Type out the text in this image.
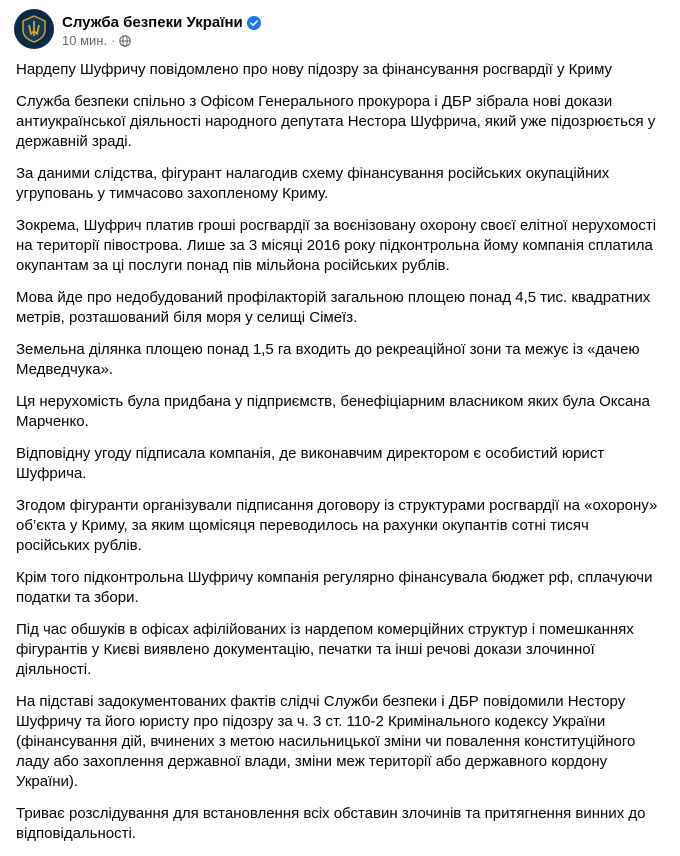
Служба безпеки України
10 мин. ·

Нардепу Шуфричу повідомлено про нову підозру за фінансування росгвардії у Криму

Служба безпеки спільно з Офісом Генерального прокурора і ДБР зібрала нові докази антиукраїнської діяльності народного депутата Нестора Шуфрича, який уже підозрюється у державній зраді.

За даними слідства, фігурант налагодив схему фінансування російських окупаційних угруповань у тимчасово захопленому Криму.

Зокрема, Шуфрич платив гроші росгвардії за воєнізовану охорону своєї елітної нерухомості на території півострова. Лише за 3 місяці 2016 року підконтрольна йому компанія сплатила окупантам за ці послуги понад пів мільйона російських рублів.

Мова йде про недобудований профілакторій загальною площею понад 4,5 тис. квадратних метрів, розташований біля моря у селищі Сімеїз.

Земельна ділянка площею понад 1,5 га входить до рекреаційної зони та межує із «дачею Медведчука».

Ця нерухомість була придбана у підприємств, бенефіціарним власником яких була Оксана Марченко.

Відповідну угоду підписала компанія, де виконавчим директором є особистий юрист Шуфрича.

Згодом фігуранти організували підписання договору із структурами росгвардії на «охорону» об’єкта у Криму, за яким щомісяця переводилось на рахунки окупантів сотні тисяч російських рублів.

Крім того підконтрольна Шуфричу компанія регулярно фінансувала бюджет рф, сплачуючи податки та збори.

Під час обшуків в офісах афілійованих із нардепом комерційних структур і помешканнях фігурантів у Києві виявлено документацію, печатки та інші речові докази злочинної діяльності.

На підставі задокументованих фактів слідчі Служби безпеки і ДБР повідомили Нестору Шуфричу та його юристу про підозру за ч. 3 ст. 110-2 Кримінального кодексу України (фінансування дій, вчинених з метою насильницької зміни чи повалення конституційного ладу або захоплення державної влади, зміни меж території або державного кордону України).

Триває розслідування для встановлення всіх обставин злочинів та притягнення винних до відповідальності.
